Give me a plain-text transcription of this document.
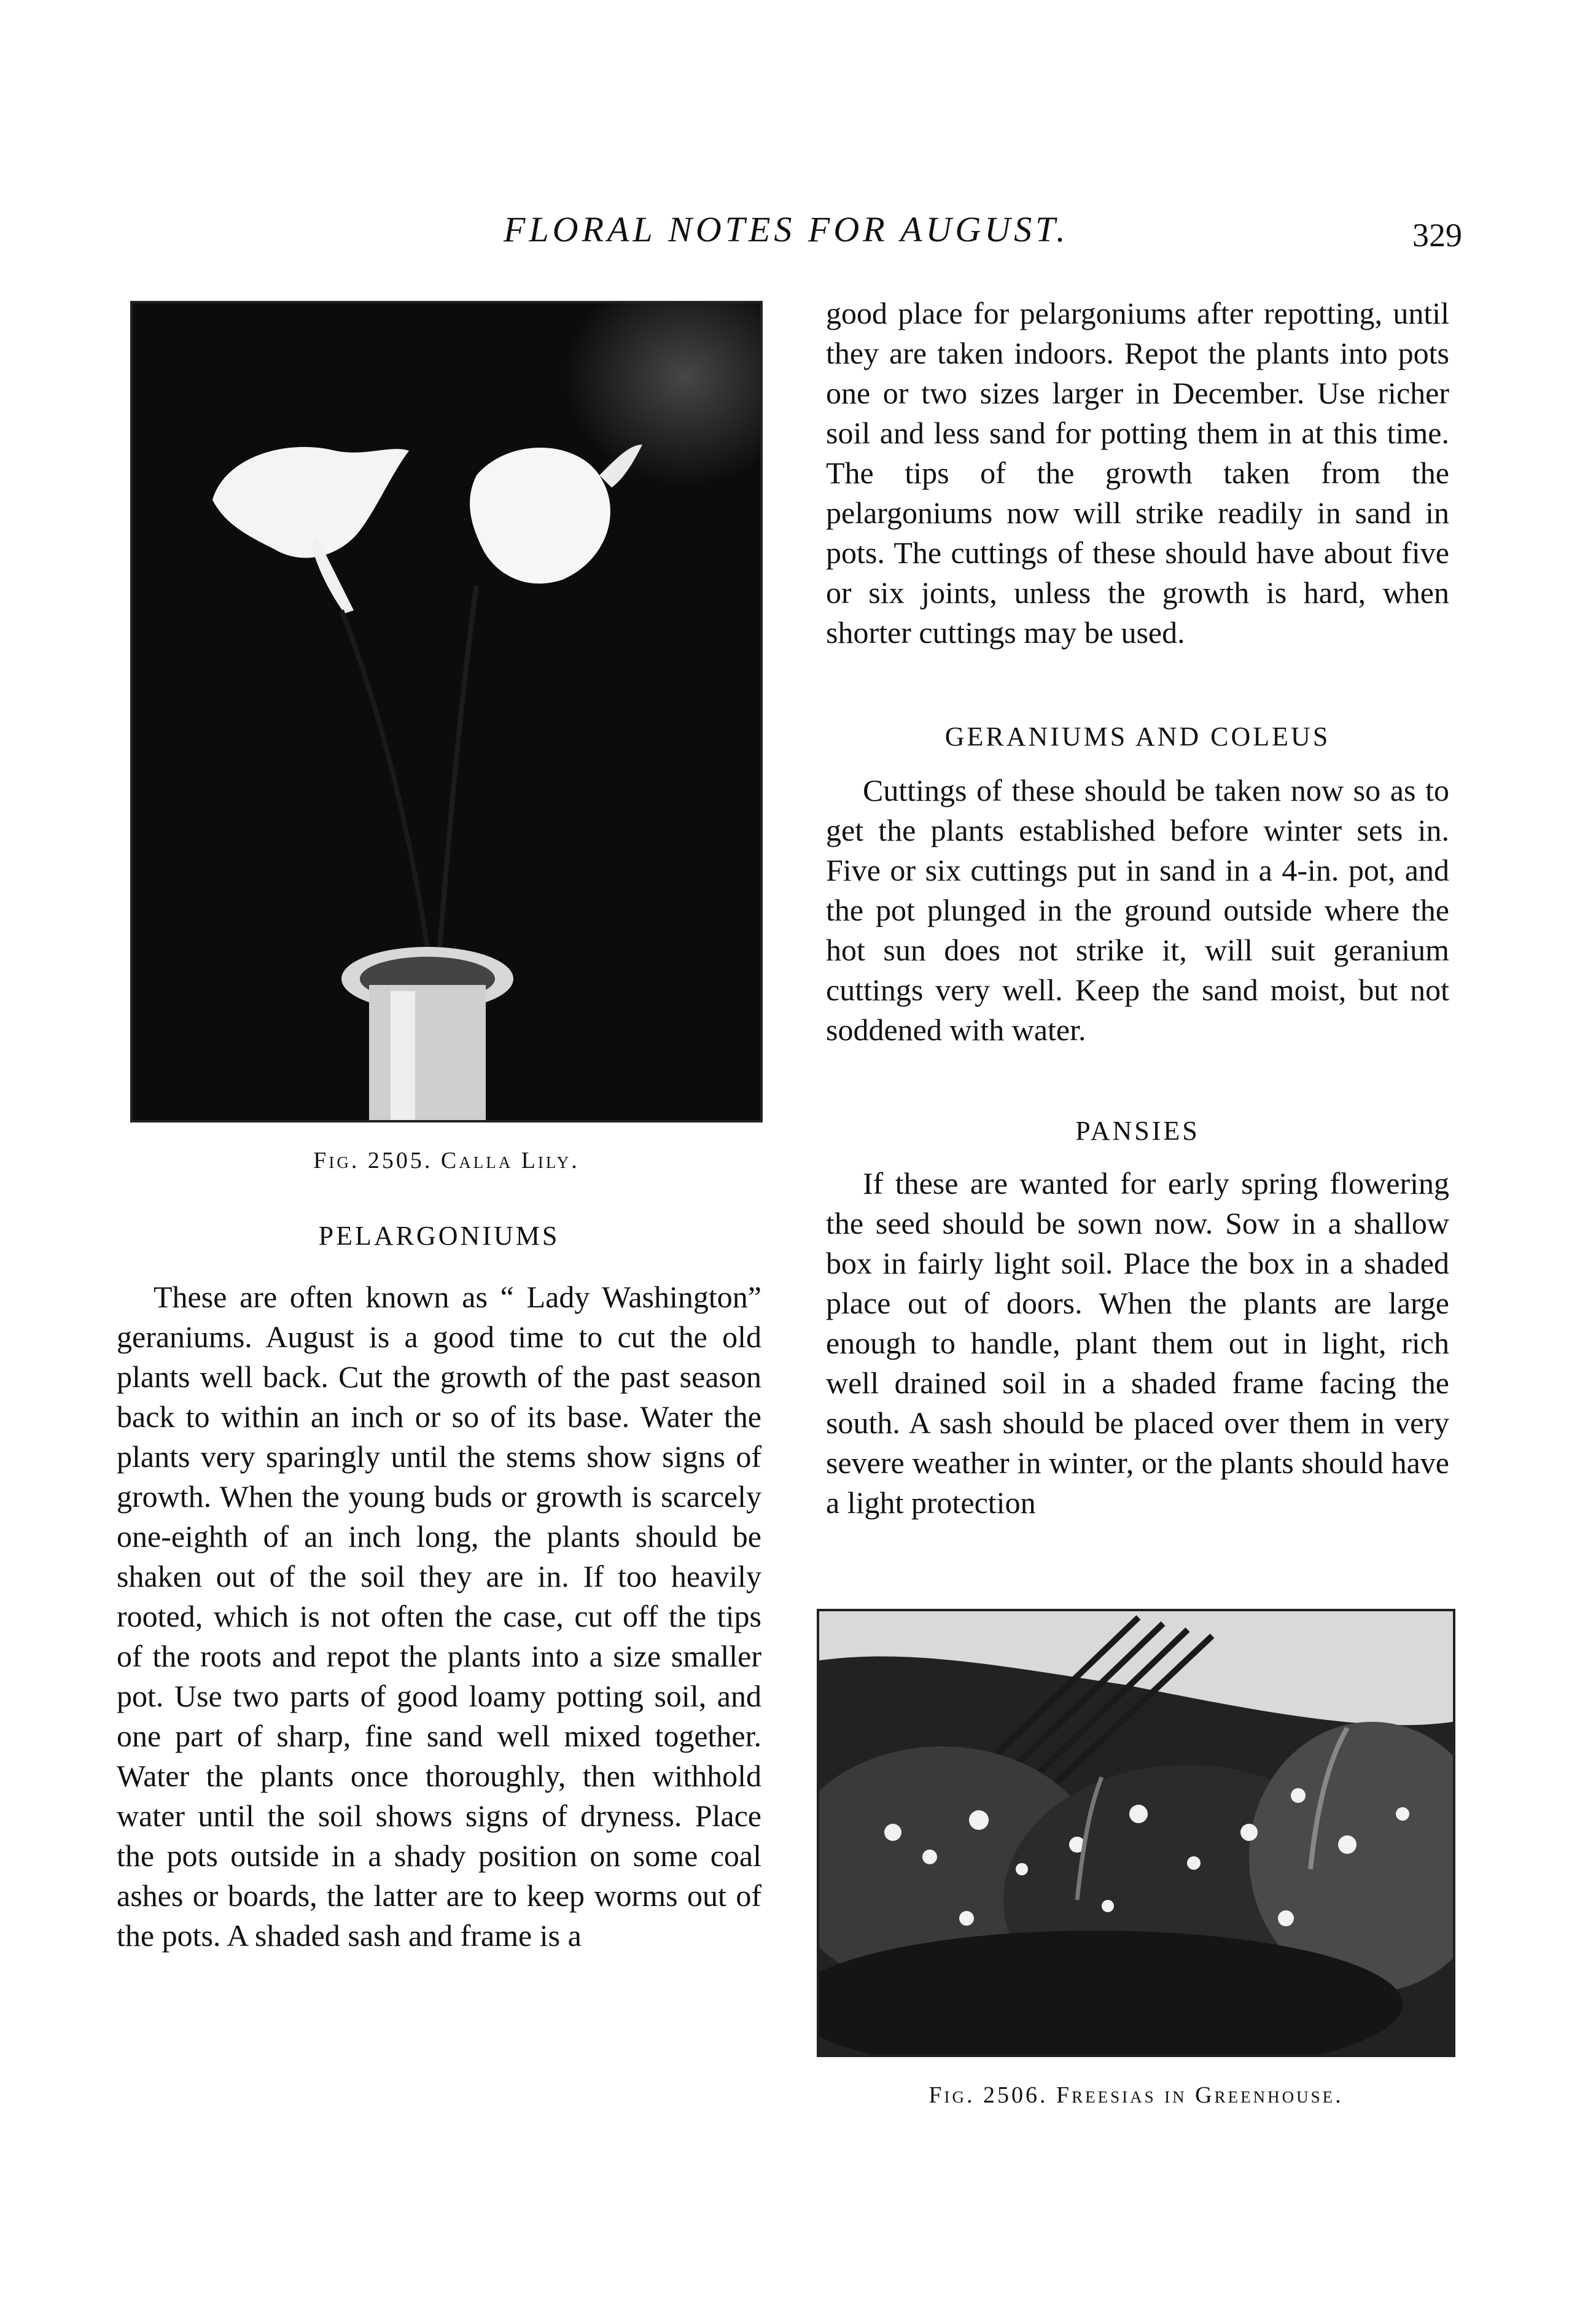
FLORAL NOTES FOR AUGUST.	329
Fig. 2505. Calla Lily.
PELARGONIUMS

These are often known as “ Lady Washington” geraniums. August is a good time to cut the old plants well back. Cut the growth of the past season back to within an inch or so of its base. Water the plants very sparingly until the stems show signs of growth. When the young buds or growth is scarcely one-eighth of an inch long, the plants should be shaken out of the soil they are in. If too heavily rooted, which is not often the case, cut off the tips of the roots and repot the plants into a size smaller pot. Use two parts of good loamy potting soil, and one part of sharp, fine sand well mixed together. Water the plants once thoroughly, then withhold water until the soil shows signs of dryness. Place the pots outside in a shady position on some coal ashes or boards, the latter are to keep worms out of the pots. A shaded sash and frame is a

good place for pelargoniums after repotting, until they are taken indoors. Repot the plants into pots one or two sizes larger in December. Use richer soil and less sand for potting them in at this time. The tips of the growth taken from the pelargoniums now will strike readily in sand in pots. The cuttings of these should have about five or six joints, unless the growth is hard, when shorter cuttings may be used.

GERANIUMS AND COLEUS

Cuttings of these should be taken now so as to get the plants established before winter sets in. Five or six cuttings put in sand in a 4-in. pot, and the pot plunged in the ground outside where the hot sun does not strike it, will suit geranium cuttings very well. Keep the sand moist, but not soddened with water.

PANSIES

If these are wanted for early spring flowering the seed should be sown now. Sow in a shallow box in fairly light soil. Place the box in a shaded place out of doors. When the plants are large enough to handle, plant them out in light, rich well drained soil in a shaded frame facing the south. A sash should be placed over them in very severe weather in winter, or the plants should have a light protection

Fig. 2506. Freesias in Greenhouse.
